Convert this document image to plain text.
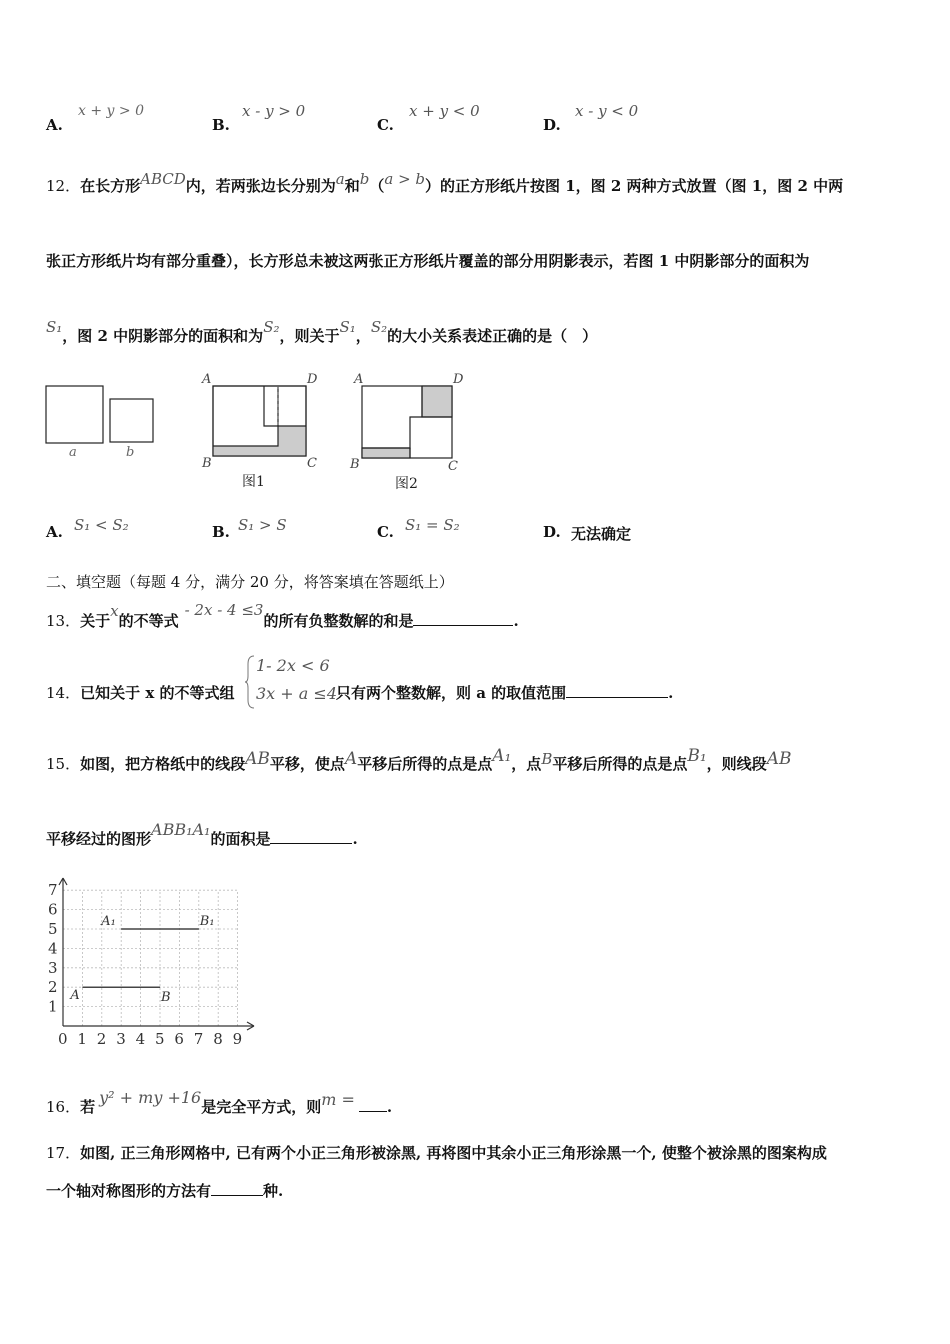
A.
x + y > 0
B.
x - y > 0
C.
x + y < 0
D.
x - y < 0
12．在长方形ABCD内，若两张边长分别为a和b（a > b）的正方形纸片按图 1，图 2 两种方式放置（图 1，图 2 中两
张正方形纸片均有部分重叠），长方形总未被这两张正方形纸片覆盖的部分用阴影表示，若图 1 中阴影部分的面积为
S₁，图 2 中阴影部分的面积和为S₂，则关于S₁，S₂的大小关系表述正确的是（　）
a	b
A	D
B	C
图1
A	D
B	C
图2
A. S₁ < S₂	B. S₁ > S	C. S₁ = S₂	D. 无法确定
二、填空题（每题 4 分，满分 20 分，将答案填在答题纸上）
13．关于x的不等式- 2x - 4 ≤3的所有负整数解的和是	.
14．已知关于 x 的不等式组
1- 2x < 6
3x + a ≤4 只有两个整数解，则 a 的取值范围	.
15．如图，把方格纸中的线段AB平移，使点A平移后所得的点是点A₁，点B平移后所得的点是点B₁，则线段AB
平移经过的图形ABB₁A₁的面积是	.
0 1 2 3 4 5 6 7 8 9
1
2
3
4
5
6
7
A	B
A₁	B₁
16．若 y² + my +16是完全平方式，则m = .
17．如图, 正三角形网格中, 已有两个小正三角形被涂黑, 再将图中其余小正三角形涂黑一个, 使整个被涂黑的图案构成
一个轴对称图形的方法有	种.
